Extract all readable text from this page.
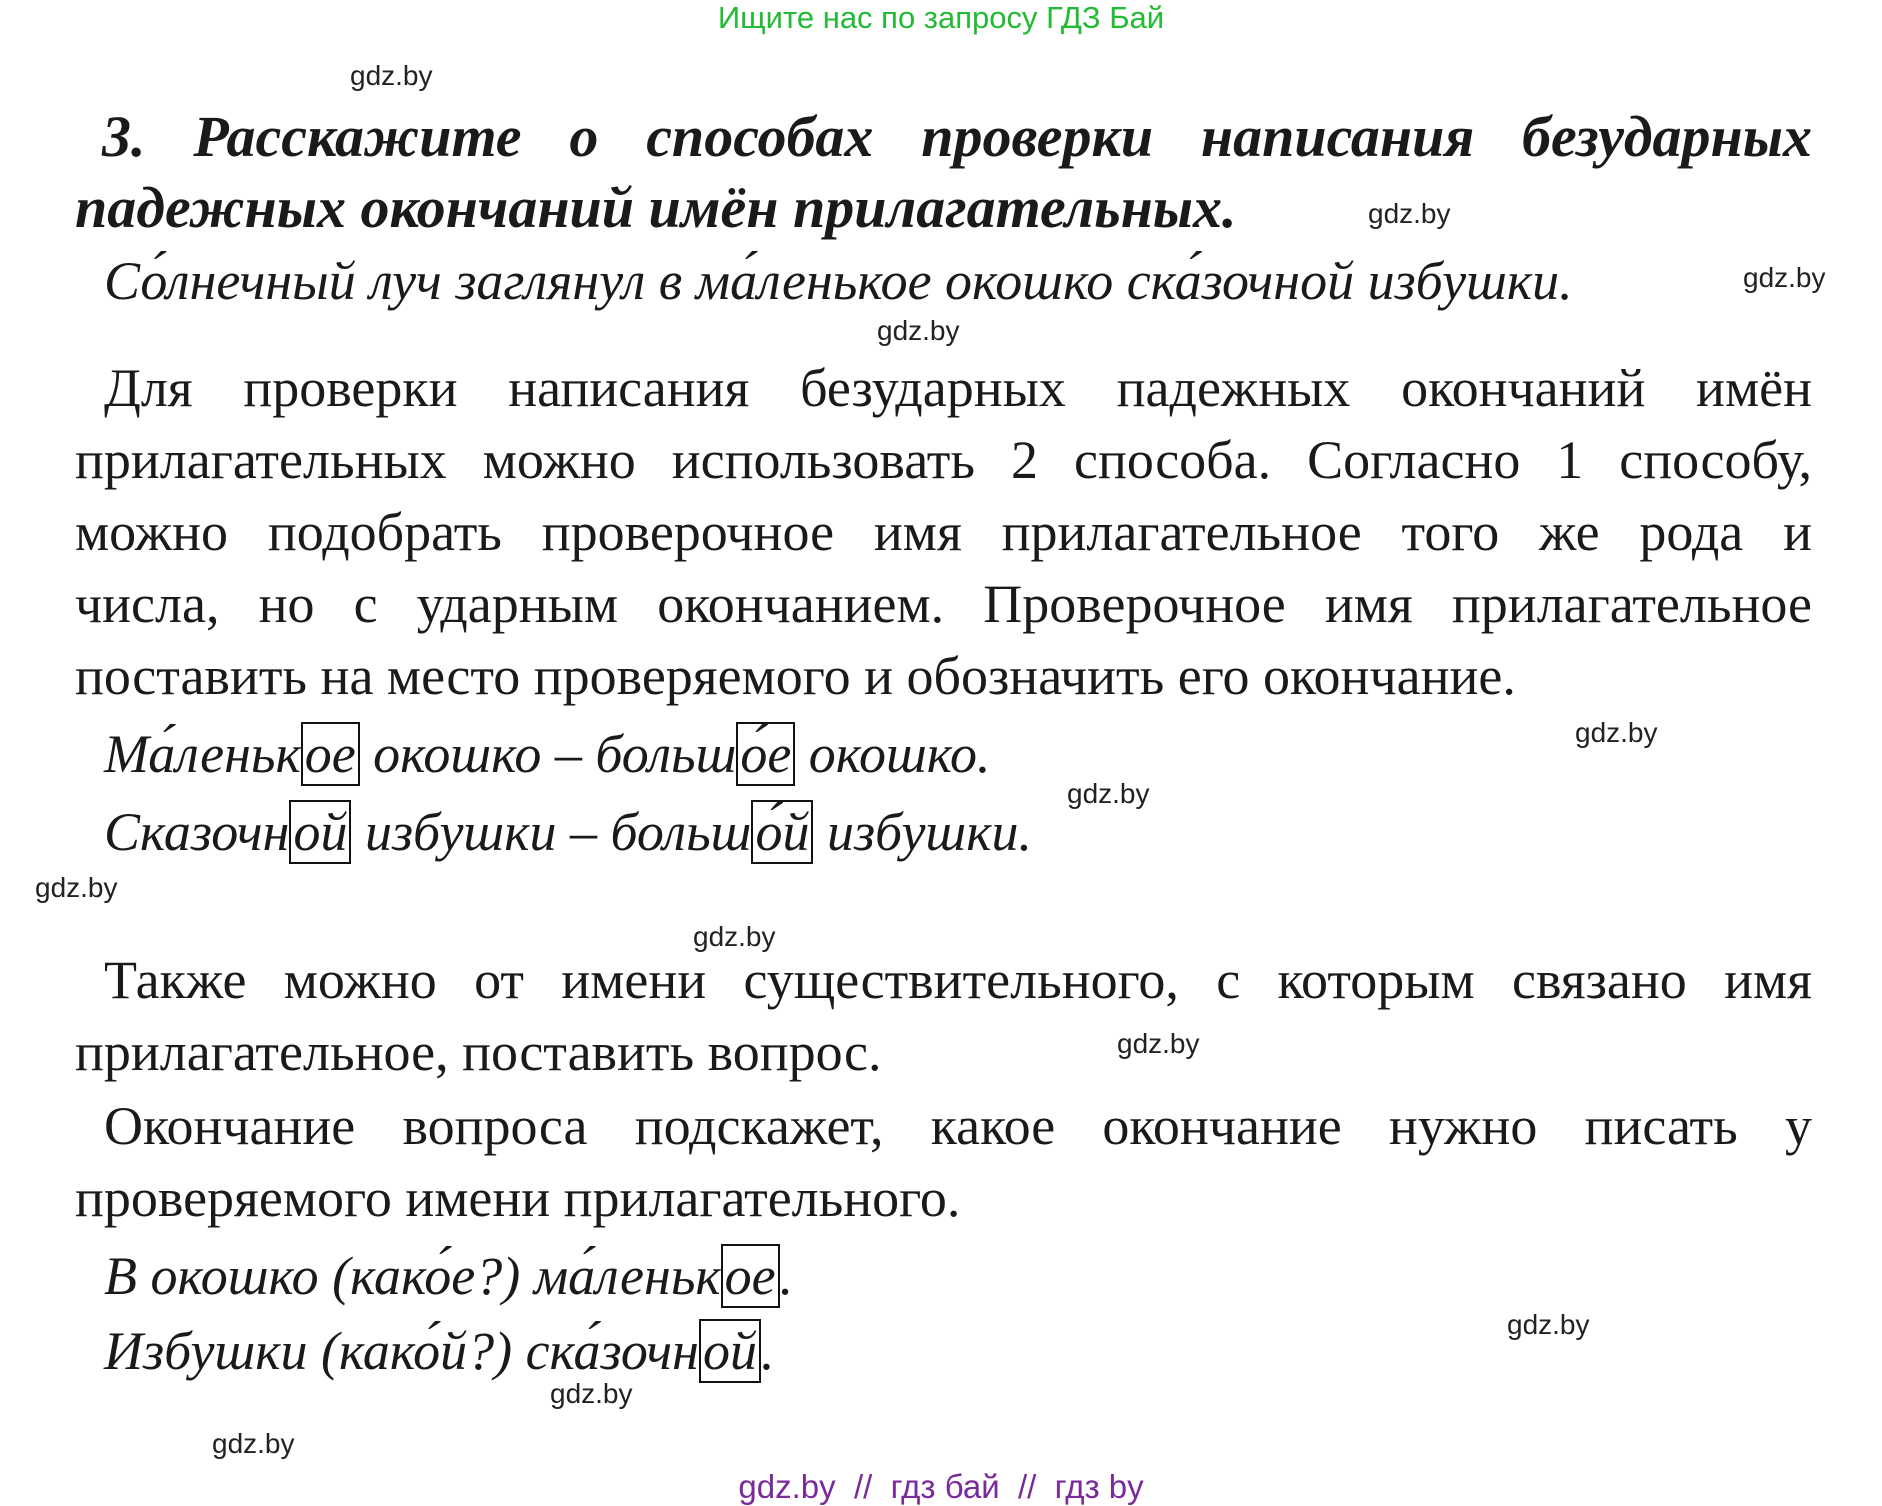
Ищите нас по запросу ГДЗ Бай
gdz.by
gdz.by
gdz.by
gdz.by
gdz.by
gdz.by
gdz.by
gdz.by
gdz.by
gdz.by
gdz.by
gdz.by
3. Расскажите о способах проверки написания безударных
падежных окончаний имён прилагательных.
Со́лнечный луч заглянул в ма́ленькое окошко ска́зочной избушки.
Для проверки написания безударных падежных окончаний имён
прилагательных можно использовать 2 способа. Согласно 1 способу,
можно подобрать проверочное имя прилагательное того же рода и
числа, но с ударным окончанием. Проверочное имя прилагательное
поставить на место проверяемого и обозначить его окончание.
Ма́ленькое окошко – большо́е окошко.
Сказочной избушки – большо́й избушки.
Также можно от имени существительного, с которым связано имя
прилагательное, поставить вопрос.
Окончание вопроса подскажет, какое окончание нужно писать у
проверяемого имени прилагательного.
В окошко (како́е?) ма́ленькое.
Избушки (како́й?) ска́зочной.
gdz.by  //  гдз бай  //  гдз by
